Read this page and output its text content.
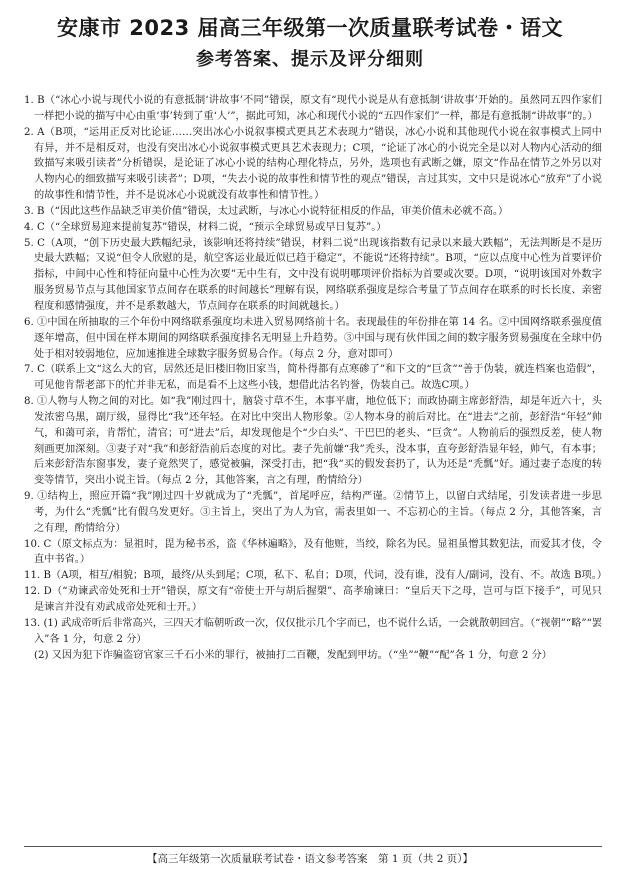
安康市 2023 届高三年级第一次质量联考试卷・语文
参考答案、提示及评分细则

1. B（“冰心小说与现代小说的有意抵制‘讲故事’不同”错误，原文有“现代小说是从有意抵制‘讲故事’开始的。虽然同五四作家们一样把小说的描写中心由重‘事’转到了重‘人’”，据此可知，冰心和现代小说的“五四作家们”一样，都是有意抵制“讲故事”的。）

2. A（B项，“运用正反对比论证……突出冰心小说叙事模式更具艺术表现力”错误，冰心小说和其他现代小说在叙事模式上同中有异，并不是相反对，也没有突出冰心小说叙事模式更具艺术表现力；C项，“论证了冰心的小说完全是以对人物内心活动的细致描写来吸引读者”分析错误，是论证了冰心小说的结构心理化特点，另外，选项也有武断之嫌，原文“作品在情节之外另以对人物内心的细致描写来吸引读者”；D项，“失去小说的故事性和情节性的观点”错误，言过其实，文中只是说冰心“放弃”了小说的故事性和情节性，并不是说冰心小说就没有故事性和情节性。）

3. B（“因此这些作品缺乏审美价值”错误，太过武断，与冰心小说特征相反的作品，审美价值未必就不高。）

4. C（“全球贸易迎来提前复苏”错误，材料二说，“预示全球贸易或早日复苏”。）

5. C（A项，“创下历史最大跌幅纪录，该影响还将持续”错误，材料二说“出现该指数有记录以来最大跌幅”，无法判断是不是历史最大跌幅；又说“但令人欣慰的是，航空客运业最近似已趋于稳定”，不能说“还将持续”。B项，“应以点度中心性为首要评价指标，中间中心性和特征向量中心性为次要”无中生有，文中没有说明哪项评价指标为首要或次要。D项，“说明该国对外数字服务贸易节点与其他国家节点间存在联系的时间越长”理解有误，网络联系强度是综合考量了节点间存在联系的时长长度、亲密程度和感情强度，并不是系数越大，节点间存在联系的时间就越长。）

6. ①中国在所抽取的三个年份中网络联系强度均未进入贸易网络前十名。表现最佳的年份排在第 14 名。②中国网络联系强度值逐年增高，但中国在样本期间的网络联系强度排名无明显上升趋势。③中国与现有伙伴国之间的数字服务贸易强度在全球中仍处于相对较弱地位，应加速推进全球数字服务贸易合作。（每点 2 分，意对即可）

7. C（联系上文“这么大的官，居然还是旧楼旧物旧家当，简朴得都有点寒碜了”和下文的“巨贪”“善于伪装，就连档案也造假”，可见他肯帮老部下的忙并非无私，而是看不上这些小钱，想借此沽名钓誉，伪装自己。故选C项。）

8. ①人物与人物之间的对比。如“我”刚过四十，脑袋寸草不生，本事平庸，地位低下；而政协副主席彭舒浩，却是年近六十，头发浓密乌黑，副厅级，显得比“我”还年轻。在对比中突出人物形象。②人物本身的前后对比。在“进去”之前，彭舒浩“年轻”帅气，和蔼可亲，肯帮忙，清官；可“进去”后，却发现他是个“少白头”、干巴巴的老头、“巨贪”。人物前后的强烈反差，使人物刻画更加深刻。③妻子对“我”和彭舒浩前后态度的对比。妻子先前嫌“我”秃头，没本事，直夸彭舒浩显年轻，帅气，有本事；后来彭舒浩东窗事发，妻子竟然哭了，感觉被骗，深受打击，把“我”买的假发套扔了，认为还是“秃瓢”好。通过妻子态度的转变等情节，突出小说主旨。（每点 2 分，其他答案，言之有理，酌情给分）

9. ①结构上，照应开篇“我”刚过四十岁就成为了“秃瓢”，首尾呼应，结构严谨。②情节上，以留白式结尾，引发读者进一步思考，为什么“秃瓢”比有假乌发更好。③主旨上，突出了为人为官，需表里如一、不忘初心的主旨。（每点 2 分，其他答案，言之有理，酌情给分）

10. C（原文标点为：显祖时，毘为秘书丞，盗《华林遍略》，及有他赃，当绞，除名为民。显祖虽憎其数犯法，而爱其才伎，令直中书省。）

11. B（A项，相互/相貌；B项，最终/从头到尾；C项，私下、私自；D项，代词，没有谁，没有人/副词，没有、不。故选 B项。）

12. D（“劝谏武帝处死和士开”错误，原文有“帝使士开与胡后握槊”、高孝瑜谏曰：“皇后天下之母，岂可与臣下接手”，可见只是谏言并没有劝武成帝处死和士开。）

13. (1) 武成帝听后非常高兴，三四天才临朝听政一次，仅仅批示几个字而已，也不说什么话，一会就散朝回宫。（“视朝”“略”“罢入”各 1 分，句意 2 分）

(2) 又因为犯下诈骗盗窃官家三千石小米的罪行，被抽打二百鞭，发配到甲坊。（“坐”“鞭”“配”各 1 分，句意 2 分）

【高三年级第一次质量联考试卷・语文参考答案　第 1 页（共 2 页）】
